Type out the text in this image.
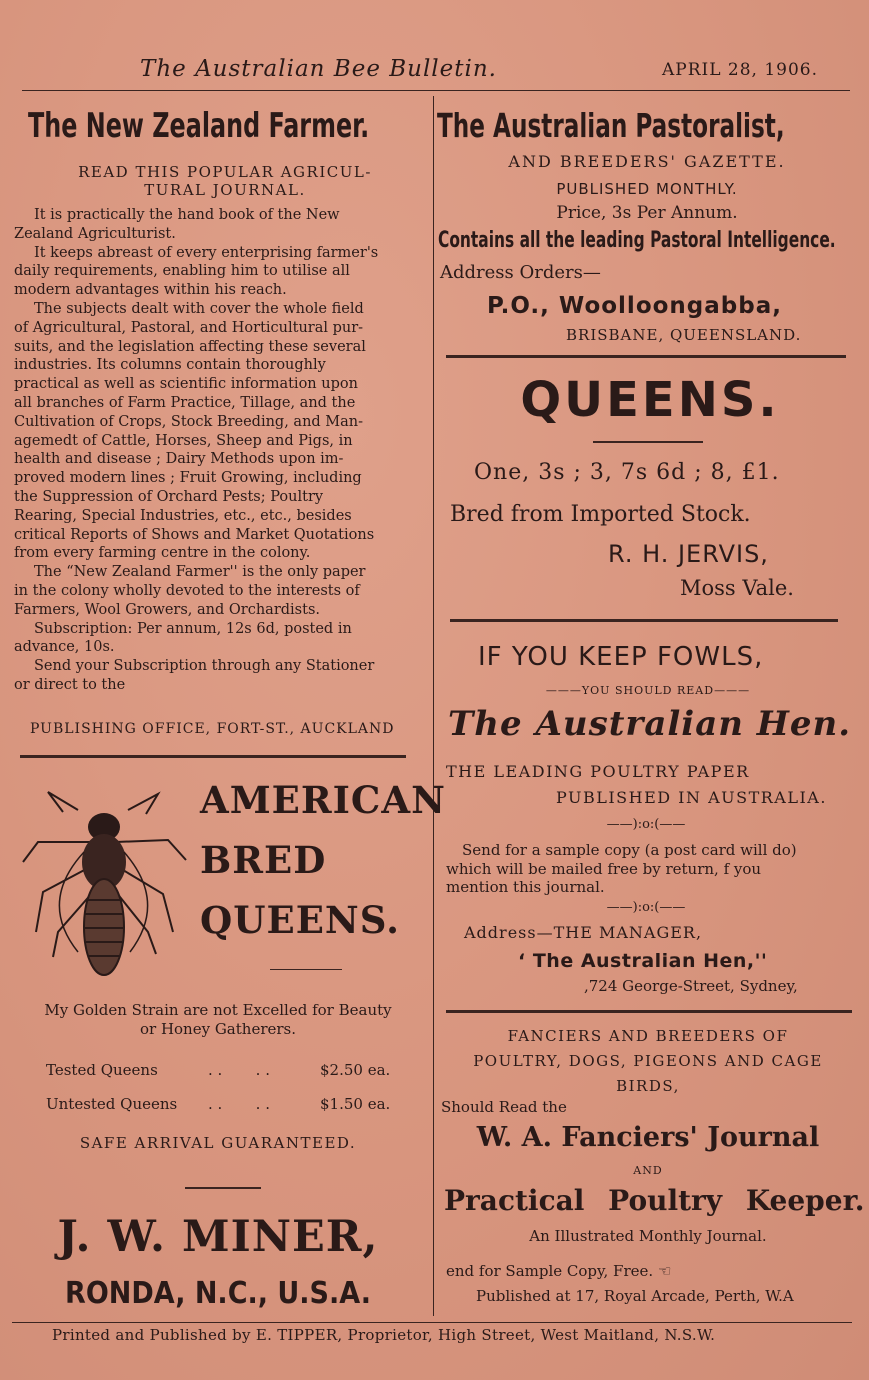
The Australian Bee Bulletin.	APRIL 28, 1906.
The New Zealand Farmer.
READ THIS POPULAR AGRICUL-
TURAL JOURNAL.
It is practically the hand book of the New
Zealand Agriculturist.
It keeps abreast of every enterprising farmer's
daily requirements, enabling him to utilise all
modern advantages within his reach.
The subjects dealt with cover the whole field
of Agricultural, Pastoral, and Horticultural pur-
suits, and the legislation affecting these several
industries. Its columns contain thoroughly
practical as well as scientific information upon
all branches of Farm Practice, Tillage, and the
Cultivation of Crops, Stock Breeding, and Man-
agemedt of Cattle, Horses, Sheep and Pigs, in
health and disease ; Dairy Methods upon im-
proved modern lines ; Fruit Growing, including
the Suppression of Orchard Pests; Poultry
Rearing, Special Industries, etc., etc., besides
critical Reports of Shows and Market Quotations
from every farming centre in the colony.
The “New Zealand Farmer'' is the only paper
in the colony wholly devoted to the interests of
Farmers, Wool Growers, and Orchardists.
Subscription: Per annum, 12s 6d, posted in
advance, 10s.
Send your Subscription through any Stationer
or direct to the
PUBLISHING OFFICE, FORT-ST., AUCKLAND
AMERICAN
BRED
QUEENS.
My Golden Strain are not Excelled for Beauty
or Honey Gatherers.
Tested Queens	. .       . .	$2.50 ea.
Untested Queens . .       . .	$1.50 ea.
SAFE ARRIVAL GUARANTEED.
J. W. MINER,
RONDA, N.C., U.S.A.
The Australian Pastoralist,
AND BREEDERS' GAZETTE.
PUBLISHED MONTHLY.
Price, 3s Per Annum.
Contains all the leading Pastoral Intelligence.
Address Orders—
P.O., Woolloongabba,
BRISBANE, QUEENSLAND.
QUEENS.
One, 3s ; 3, 7s 6d ; 8, £1.
Bred from Imported Stock.
R. H. JERVIS,
Moss Vale.
IF YOU KEEP FOWLS,
———YOU SHOULD READ———
The Australian Hen.
THE LEADING POULTRY PAPER
PUBLISHED IN AUSTRALIA.
——):o:(——
Send for a sample copy (a post card will do)
which will be mailed free by return, f you
mention this journal.
——):o:(——
Address—THE MANAGER,
‘ The Australian Hen,''
,724 George-Street, Sydney,
FANCIERS AND BREEDERS OF
POULTRY, DOGS, PIGEONS AND CAGE
BIRDS,
Should Read the
W. A. Fanciers' Journal
AND
Practical Poultry Keeper.
An Illustrated Monthly Journal.
end for Sample Copy, Free. ☜
Published at 17, Royal Arcade, Perth, W.A
Printed and Published by E. TIPPER, Proprietor, High Street, West Maitland, N.S.W.
